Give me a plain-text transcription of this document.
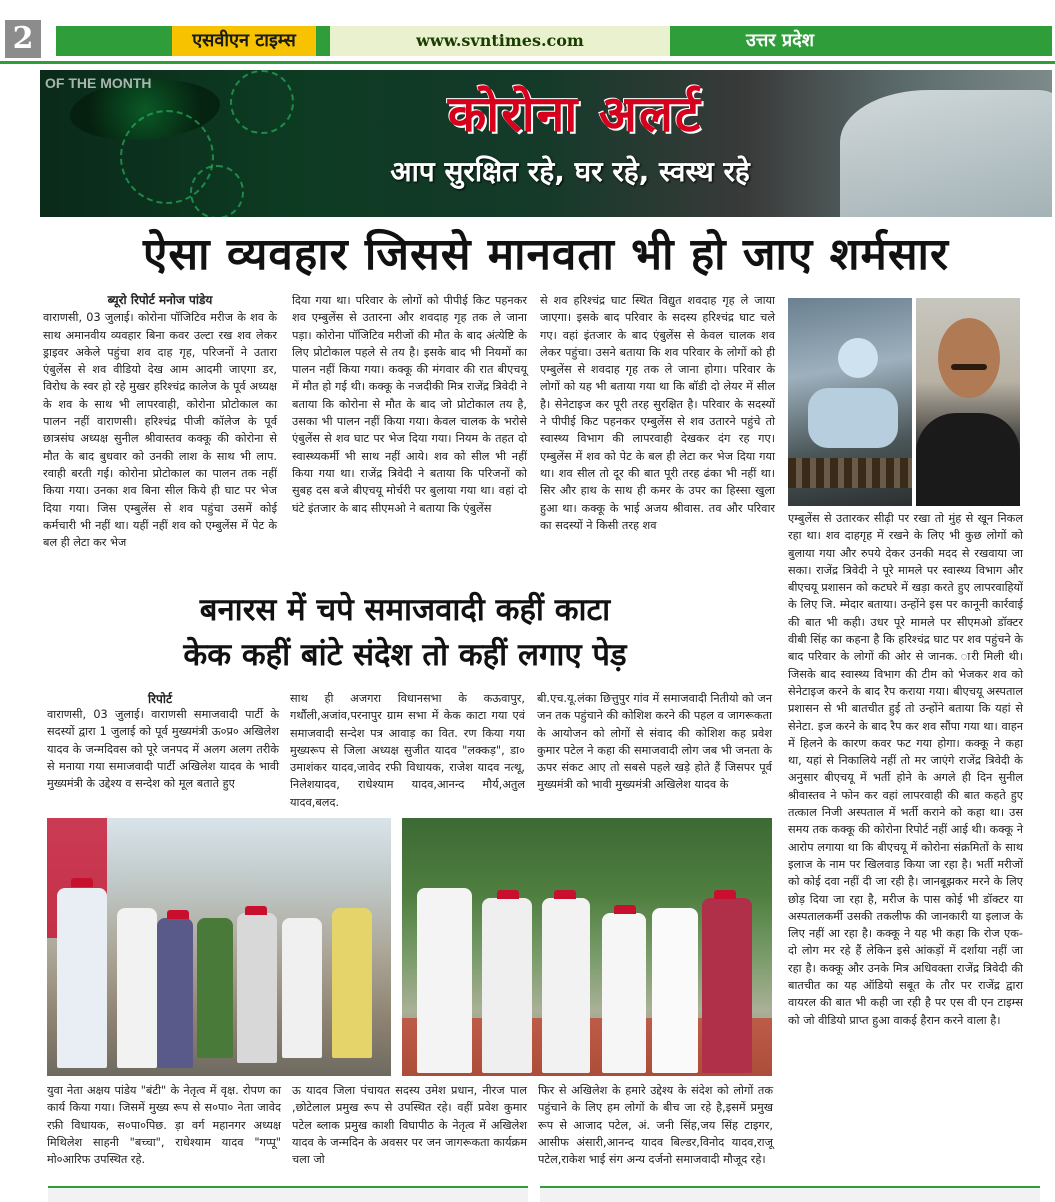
2	एसवीएन टाइम्स	www.svntimes.com	उत्तर प्रदेश
OF THE MONTH
कोरोना अलर्ट
आप सुरक्षित रहे, घर रहे, स्वस्थ रहे
ऐसा व्यवहार जिससे मानवता भी हो जाए शर्मसार
ब्यूरो रिपोर्ट मनोज पांडेय
वाराणसी, 03 जुलाई। कोरोना पॉजिटिव मरीज के शव के साथ अमानवीय व्यवहार बिना कवर उल्टा रख शव लेकर ड्राइवर अकेले पहुंचा शव दाह गृह, परिजनों ने उतारा एंबुलेंस से शव वीडियो देख आम आदमी जाएगा डर, विरोध के स्वर हो रहे मुखर हरिश्चंद्र कालेज के पूर्व अध्यक्ष के शव के साथ भी लापरवाही, कोरोना प्रोटोकाल का पालन नहीं वाराणसी। हरिश्चंद्र पीजी कॉलेज के पूर्व छात्रसंघ अध्यक्ष सुनील श्रीवास्तव कक्कू की कोरोना से मौत के बाद बुधवार को उनकी लाश के साथ भी लाप. रवाही बरती गई। कोरोना प्रोटोकाल का पालन तक नहीं किया गया। उनका शव बिना सील किये ही घाट पर भेज दिया गया। जिस एम्बुलेंस से शव पहुंचा उसमें कोई कर्मचारी भी नहीं था। यहीं नहीं शव को एम्बुलेंस में पेट के बल ही लेटा कर भेज
दिया गया था। परिवार के लोगों को पीपीई किट पहनकर शव एम्बुलेंस से उतारना और शवदाह गृह तक ले जाना पड़ा। कोरोना पॉजिटिव मरीजों की मौत के बाद अंत्येष्टि के लिए प्रोटोकाल पहले से तय है। इसके बाद भी नियमों का पालन नहीं किया गया। कक्कू की मंगवार की रात बीएचयू में मौत हो गई थी। कक्कू के नजदीकी मित्र राजेंद्र त्रिवेदी ने बताया कि कोरोना से मौत के बाद जो प्रोटोकाल तय है, उसका भी पालन नहीं किया गया। केवल चालक के भरोसे एंबुलेंस से शव घाट पर भेज दिया गया। नियम के तहत दो स्वास्थ्यकर्मी भी साथ नहीं आये। शव को सील भी नहीं किया गया था। राजेंद्र त्रिवेदी ने बताया कि परिजनों को सुबह दस बजे बीएचयू मोर्चरी पर बुलाया गया था। वहां दो घंटे इंतजार के बाद सीएमओ ने बताया कि एंबुलेंस
से शव हरिश्चंद्र घाट स्थित विद्युत शवदाह गृह ले जाया जाएगा। इसके बाद परिवार के सदस्य हरिश्चंद्र घाट चले गए। वहां इंतजार के बाद एंबुलेंस से केवल चालक शव लेकर पहुंचा। उसने बताया कि शव परिवार के लोगों को ही एम्बुलेंस से शवदाह गृह तक ले जाना होगा। परिवार के लोगों को यह भी बताया गया था कि बॉडी दो लेयर में सील है। सेनेटाइज कर पूरी तरह सुरक्षित है। परिवार के सदस्यों ने पीपीई किट पहनकर एम्बुलेंस से शव उतारने पहुंचे तो स्वास्थ्य विभाग की लापरवाही देखकर दंग रह गए। एम्बुलेंस में शव को पेट के बल ही लेटा कर भेज दिया गया था। शव सील तो दूर की बात पूरी तरह ढंका भी नहीं था। सिर और हाथ के साथ ही कमर के उपर का हिस्सा खुला हुआ था। कक्कू के भाई अजय श्रीवास. तव और परिवार का सदस्यों ने किसी तरह शव
एम्बुलेंस से उतारकर सीढ़ी पर रखा तो मुंह से खून निकल रहा था। शव दाहगृह में रखने के लिए भी कुछ लोगों को बुलाया गया और रुपये देकर उनकी मदद से रखवाया जा सका। राजेंद्र त्रिवेदी ने पूरे मामले पर स्वास्थ्य विभाग और बीएचयू प्रशासन को कटघरे में खड़ा करते हुए लापरवाहियों के लिए जि. म्मेदार बताया। उन्होंने इस पर कानूनी कार्रवाई की बात भी कही। उधर पूरे मामले पर सीएमओ डॉक्टर वीबी सिंह का कहना है कि हरिश्चंद्र घाट पर शव पहुंचने के बाद परिवार के लोगों की ओर से जानक. ारी मिली थी। जिसके बाद स्वास्थ्य विभाग की टीम को भेजकर शव को सेनेटाइज करने के बाद रैप कराया गया। बीएचयू अस्पताल प्रशासन से भी बातचीत हुई तो उन्होंने बताया कि यहां से सेनेटा. इज करने के बाद रैप कर शव सौंपा गया था। वाहन में हिलने के कारण कवर फट गया होगा। कक्कू ने कहा था, यहां से निकालिये नहीं तो मर जाएंगे राजेंद्र त्रिवेदी के अनुसार बीएचयू में भर्ती होने के अगले ही दिन सुनील श्रीवास्तव ने फोन कर वहां लापरवाही की बात कहते हुए तत्काल निजी अस्पताल में भर्ती कराने को कहा था। उस समय तक कक्कू की कोरोना रिपोर्ट नहीं आई थी। कक्कू ने आरोप लगाया था कि बीएचयू में कोरोना संक्रमितों के साथ इलाज के नाम पर खिलवाड़ किया जा रहा है। भर्ती मरीजों को कोई दवा नहीं दी जा रही है। जानबूझकर मरने के लिए छोड़ दिया जा रहा है, मरीज के पास कोई भी डॉक्टर या अस्पतालकर्मी उसकी तकलीफ की जानकारी या इलाज के लिए नहीं आ रहा है। कक्कू ने यह भी कहा कि रोज एक-दो लोग मर रहे हैं लेकिन इसे आंकड़ों में दर्शाया नहीं जा रहा है। कक्कू और उनके मित्र अधिवक्ता राजेंद्र त्रिवेदी की बातचीत का यह ऑडियो सबूत के तौर पर राजेंद्र द्वारा वायरल की बात भी कही जा रही है पर एस वी एन टाइम्स को जो वीडियो प्राप्त हुआ वाकई हैरान करने वाला है।
बनारस में चपे समाजवादी कहीं काटा
केक कहीं बांटे संदेश तो कहीं लगाए पेड़
रिपोर्ट
वाराणसी, 03 जुलाई। वाराणसी समाजवादी पार्टी के सदस्यों द्वारा 1 जुलाई को पूर्व मुख्यमंत्री ऊ०प्र० अखिलेश यादव के जन्मदिवस को पूरे जनपद में अलग अलग तरीके से मनाया गया समाजवादी पार्टी अखिलेश यादव के भावी मुख्यमंत्री के उद्देश्य व सन्देश को मूल बताते हुए
साथ ही अजगरा विधानसभा के कऊवापुर, गर्थौली,अजांव,परनापुर ग्राम सभा में केक काटा गया एवं समाजवादी सन्देश पत्र आवाड़ का वित. रण किया गया मुख्यरूप से जिला अध्यक्ष सुजीत यादव "लक्कड़", डा० उमाशंकर यादव,जावेद रफी विधायक, राजेश यादव नत्थू, निलेशयादव, राधेश्याम यादव,आनन्द मौर्य,अतुल यादव,बलद.
बी.एच.यू.लंका छित्तुपुर गांव में समाजवादी नितीयो को जन जन तक पहुंचाने की कोशिश करने की पहल व जागरूकता के आयोजन को लोगों से संवाद की कोशिश कह प्रवेश कुमार पटेल ने कहा की समाजवादी लोग जब भी जनता के ऊपर संकट आए तो सबसे पहले खड़े होते हैं जिसपर पूर्व मुख्यमंत्री को भावी मुख्यमंत्री अखिलेश यादव के
युवा नेता अक्षय पांडेय "बंटी" के नेतृत्व में वृक्ष. रोपण का कार्य किया गया। जिसमें मुख्य रूप से स०पा० नेता जावेद रफ़ी विधायक, स०पा०पिछ. ड़ा वर्ग महानगर अध्यक्ष मिथिलेश साहनी "बच्चा", राधेश्याम यादव "गप्पू" मो०आरिफ उपस्थित रहे.
ऊ यादव जिला पंचायत सदस्य उमेश प्रधान, नीरज पाल ,छोटेलाल प्रमुख रूप से उपस्थित रहे। वहीं प्रवेश कुमार पटेल ब्लाक प्रमुख काशी विघापीठ के नेतृत्व में अखिलेश यादव के जन्मदिन के अवसर पर जन जागरूकता कार्यक्रम चला जो
फिर से अखिलेश के हमारे उद्देश्य के संदेश को लोगों तक पहुंचाने के लिए हम लोगों के बीच जा रहे है,इसमें प्रमुख रूप से आजाद पटेल, अं. जनी सिंह,जय सिंह टाइगर, आसीफ अंसारी,आनन्द यादव बिल्डर,विनोद यादव,राजू पटेल,राकेश भाई संग अन्य दर्जनो समाजवादी मौजूद रहे।
